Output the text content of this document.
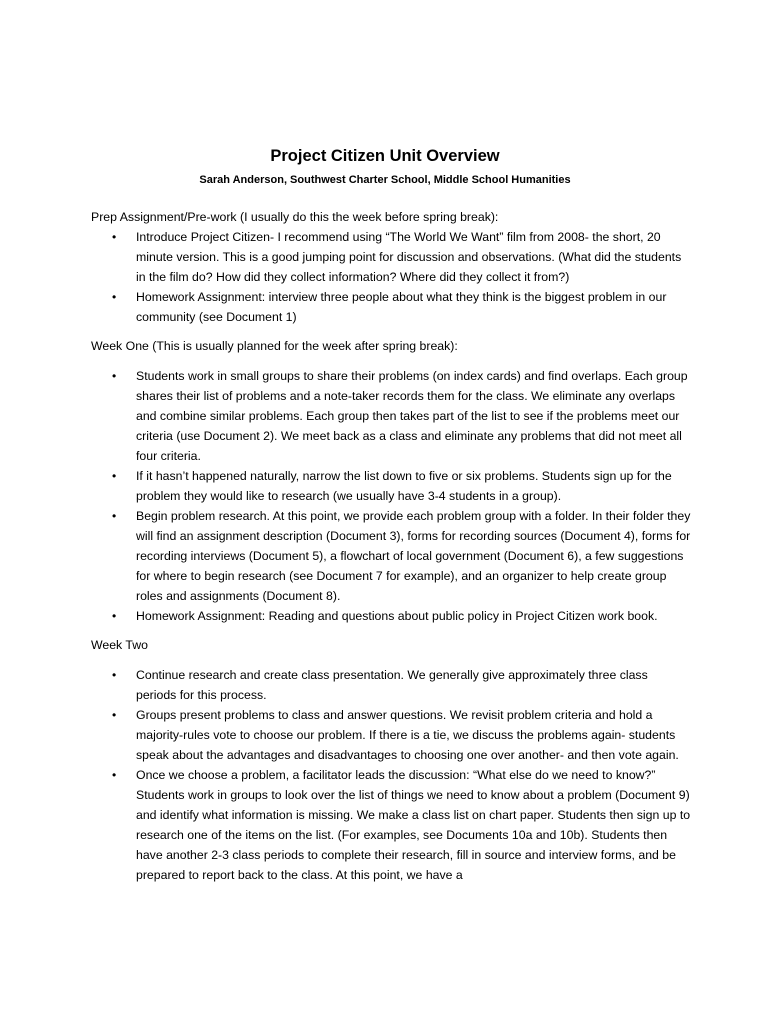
Project Citizen Unit Overview
Sarah Anderson, Southwest Charter School, Middle School Humanities

Prep Assignment/Pre-work (I usually do this the week before spring break):

• Introduce Project Citizen- I recommend using “The World We Want” film from 2008- the short, 20 minute version. This is a good jumping point for discussion and observations. (What did the students in the film do? How did they collect information? Where did they collect it from?)
• Homework Assignment: interview three people about what they think is the biggest problem in our community (see Document 1)

Week One (This is usually planned for the week after spring break):

• Students work in small groups to share their problems (on index cards) and find overlaps. Each group shares their list of problems and a note-taker records them for the class. We eliminate any overlaps and combine similar problems. Each group then takes part of the list to see if the problems meet our criteria (use Document 2). We meet back as a class and eliminate any problems that did not meet all four criteria.
• If it hasn’t happened naturally, narrow the list down to five or six problems. Students sign up for the problem they would like to research (we usually have 3-4 students in a group).
• Begin problem research. At this point, we provide each problem group with a folder. In their folder they will find an assignment description (Document 3), forms for recording sources (Document 4), forms for recording interviews (Document 5), a flowchart of local government (Document 6), a few suggestions for where to begin research (see Document 7 for example), and an organizer to help create group roles and assignments (Document 8).
• Homework Assignment: Reading and questions about public policy in Project Citizen work book.

Week Two

• Continue research and create class presentation. We generally give approximately three class periods for this process.
• Groups present problems to class and answer questions. We revisit problem criteria and hold a majority-rules vote to choose our problem. If there is a tie, we discuss the problems again- students speak about the advantages and disadvantages to choosing one over another- and then vote again.
• Once we choose a problem, a facilitator leads the discussion: “What else do we need to know?” Students work in groups to look over the list of things we need to know about a problem (Document 9) and identify what information is missing. We make a class list on chart paper. Students then sign up to research one of the items on the list. (For examples, see Documents 10a and 10b). Students then have another 2-3 class periods to complete their research, fill in source and interview forms, and be prepared to report back to the class. At this point, we have a
